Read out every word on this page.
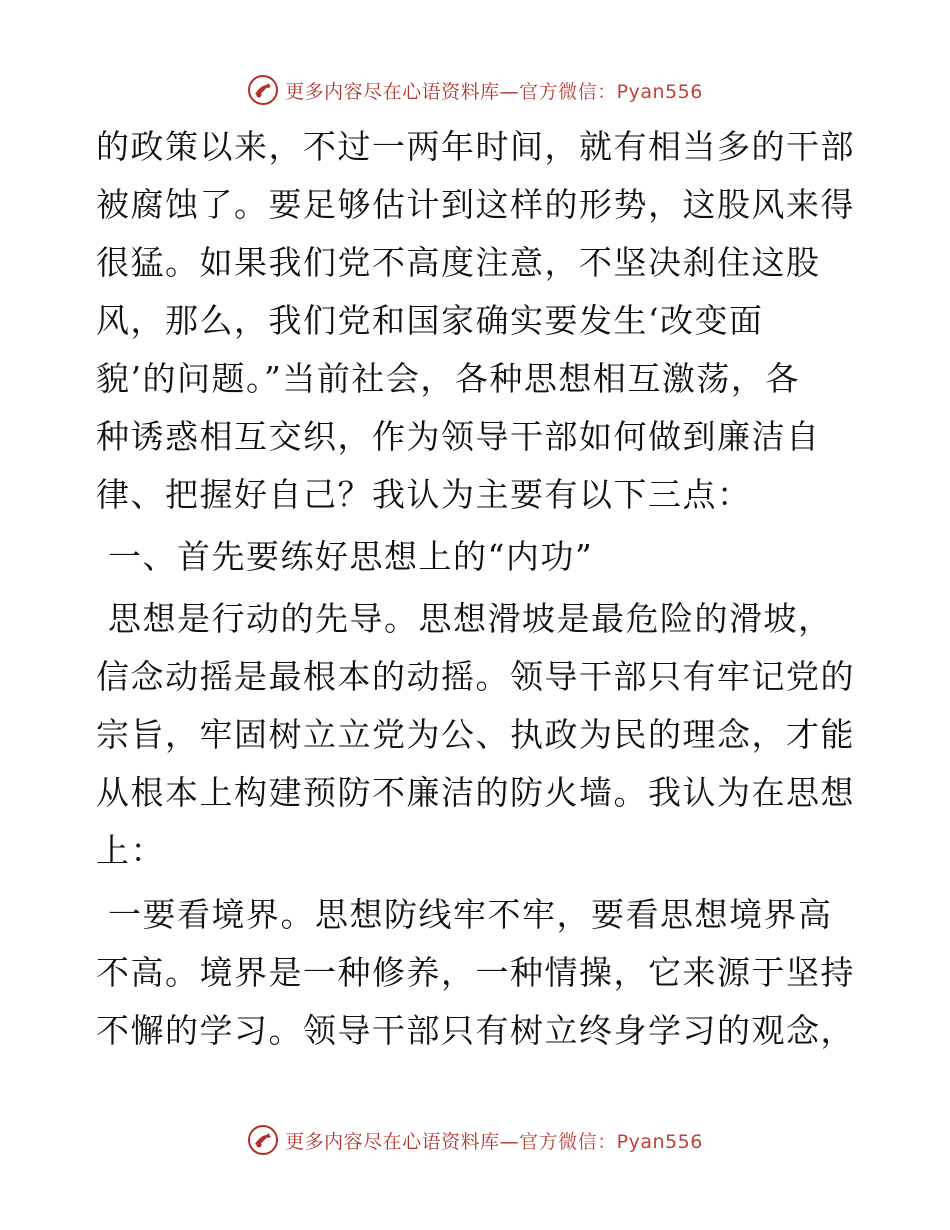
更多内容尽在心语资料库—官方微信：Pyan556
的政策以来，不过一两年时间，就有相当多的干部
被腐蚀了。要足够估计到这样的形势，这股风来得
很猛。如果我们党不高度注意，不坚决刹住这股
风，那么，我们党和国家确实要发生‘改变面
貌’的问题。”当前社会，各种思想相互激荡，各
种诱惑相互交织，作为领导干部如何做到廉洁自
律、把握好自己？我认为主要有以下三点：
一、首先要练好思想上的“内功”
思想是行动的先导。思想滑坡是最危险的滑坡，
信念动摇是最根本的动摇。领导干部只有牢记党的
宗旨，牢固树立立党为公、执政为民的理念，才能
从根本上构建预防不廉洁的防火墙。我认为在思想
上：
一要看境界。思想防线牢不牢，要看思想境界高
不高。境界是一种修养，一种情操，它来源于坚持
不懈的学习。领导干部只有树立终身学习的观念，
更多内容尽在心语资料库—官方微信：Pyan556
